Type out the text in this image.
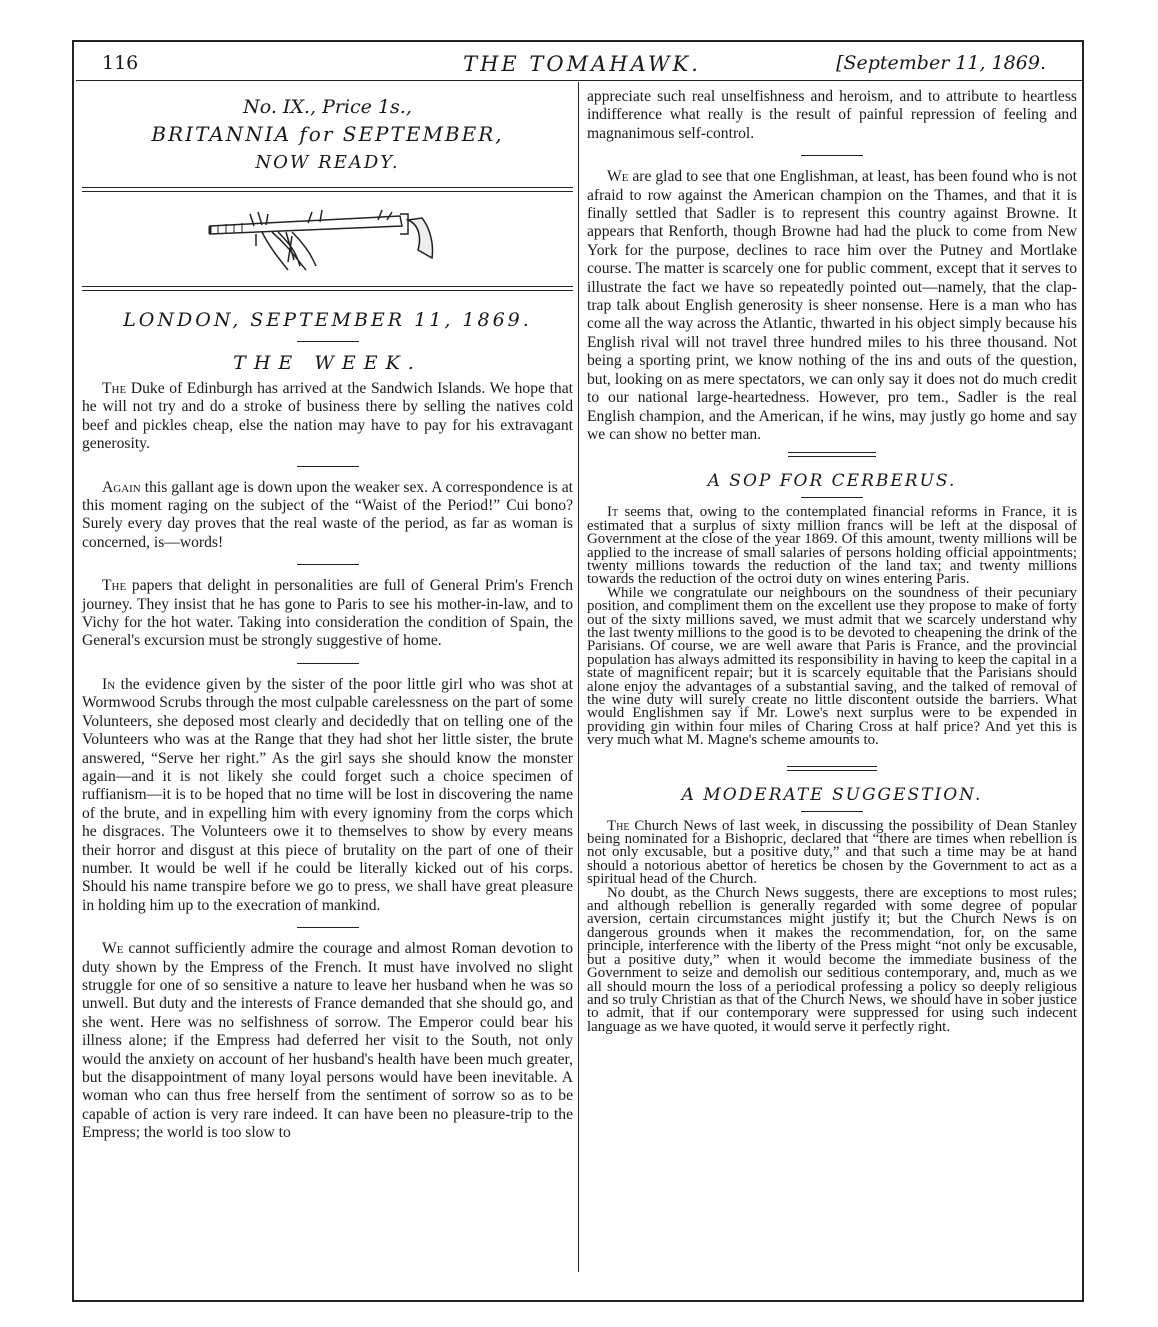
116	THE TOMAHAWK.	[September 11, 1869.
No. IX., Price 1s.,
BRITANNIA for SEPTEMBER,
NOW READY.
LONDON, SEPTEMBER 11, 1869.
THE WEEK.

The Duke of Edinburgh has arrived at the Sandwich Islands. We hope that he will not try and do a stroke of business there by selling the natives cold beef and pickles cheap, else the nation may have to pay for his extravagant generosity.

Again this gallant age is down upon the weaker sex. A correspondence is at this moment raging on the subject of the “Waist of the Period!” Cui bono? Surely every day proves that the real waste of the period, as far as woman is concerned, is—words!

The papers that delight in personalities are full of General Prim's French journey. They insist that he has gone to Paris to see his mother-in-law, and to Vichy for the hot water. Taking into consideration the condition of Spain, the General's excursion must be strongly suggestive of home.

In the evidence given by the sister of the poor little girl who was shot at Wormwood Scrubs through the most culpable carelessness on the part of some Volunteers, she deposed most clearly and decidedly that on telling one of the Volunteers who was at the Range that they had shot her little sister, the brute answered, “Serve her right.” As the girl says she should know the monster again—and it is not likely she could forget such a choice specimen of ruffianism—it is to be hoped that no time will be lost in discovering the name of the brute, and in expelling him with every ignominy from the corps which he disgraces. The Volunteers owe it to themselves to show by every means their horror and disgust at this piece of brutality on the part of one of their number. It would be well if he could be literally kicked out of his corps. Should his name transpire before we go to press, we shall have great pleasure in holding him up to the execration of mankind.

We cannot sufficiently admire the courage and almost Roman devotion to duty shown by the Empress of the French. It must have involved no slight struggle for one of so sensitive a nature to leave her husband when he was so unwell. But duty and the interests of France demanded that she should go, and she went. Here was no selfishness of sorrow. The Emperor could bear his illness alone; if the Empress had deferred her visit to the South, not only would the anxiety on account of her husband's health have been much greater, but the disappointment of many loyal persons would have been inevitable. A woman who can thus free herself from the sentiment of sorrow so as to be capable of action is very rare indeed. It can have been no pleasure-trip to the Empress; the world is too slow to

appreciate such real unselfishness and heroism, and to attribute to heartless indifference what really is the result of painful repression of feeling and magnanimous self-control.

We are glad to see that one Englishman, at least, has been found who is not afraid to row against the American champion on the Thames, and that it is finally settled that Sadler is to represent this country against Browne. It appears that Renforth, though Browne had had the pluck to come from New York for the purpose, declines to race him over the Putney and Mortlake course. The matter is scarcely one for public comment, except that it serves to illustrate the fact we have so repeatedly pointed out—namely, that the clap-trap talk about English generosity is sheer nonsense. Here is a man who has come all the way across the Atlantic, thwarted in his object simply because his English rival will not travel three hundred miles to his three thousand. Not being a sporting print, we know nothing of the ins and outs of the question, but, looking on as mere spectators, we can only say it does not do much credit to our national large-heartedness. However, pro tem., Sadler is the real English champion, and the American, if he wins, may justly go home and say we can show no better man.

A SOP FOR CERBERUS.

It seems that, owing to the contemplated financial reforms in France, it is estimated that a surplus of sixty million francs will be left at the disposal of Government at the close of the year 1869. Of this amount, twenty millions will be applied to the increase of small salaries of persons holding official appointments; twenty millions towards the reduction of the land tax; and twenty millions towards the reduction of the octroi duty on wines entering Paris.

While we congratulate our neighbours on the soundness of their pecuniary position, and compliment them on the excellent use they propose to make of forty out of the sixty millions saved, we must admit that we scarcely understand why the last twenty millions to the good is to be devoted to cheapening the drink of the Parisians. Of course, we are well aware that Paris is France, and the provincial population has always admitted its responsibility in having to keep the capital in a state of magnificent repair; but it is scarcely equitable that the Parisians should alone enjoy the advantages of a substantial saving, and the talked of removal of the wine duty will surely create no little discontent outside the barriers. What would Englishmen say if Mr. Lowe's next surplus were to be expended in providing gin within four miles of Charing Cross at half price? And yet this is very much what M. Magne's scheme amounts to.

A MODERATE SUGGESTION.

The Church News of last week, in discussing the possibility of Dean Stanley being nominated for a Bishopric, declared that “there are times when rebellion is not only excusable, but a positive duty,” and that such a time may be at hand should a notorious abettor of heretics be chosen by the Government to act as a spiritual head of the Church.

No doubt, as the Church News suggests, there are exceptions to most rules; and although rebellion is generally regarded with some degree of popular aversion, certain circumstances might justify it; but the Church News is on dangerous grounds when it makes the recommendation, for, on the same principle, interference with the liberty of the Press might “not only be excusable, but a positive duty,” when it would become the immediate business of the Government to seize and demolish our seditious contemporary, and, much as we all should mourn the loss of a periodical professing a policy so deeply religious and so truly Christian as that of the Church News, we should have in sober justice to admit, that if our contemporary were suppressed for using such indecent language as we have quoted, it would serve it perfectly right.
